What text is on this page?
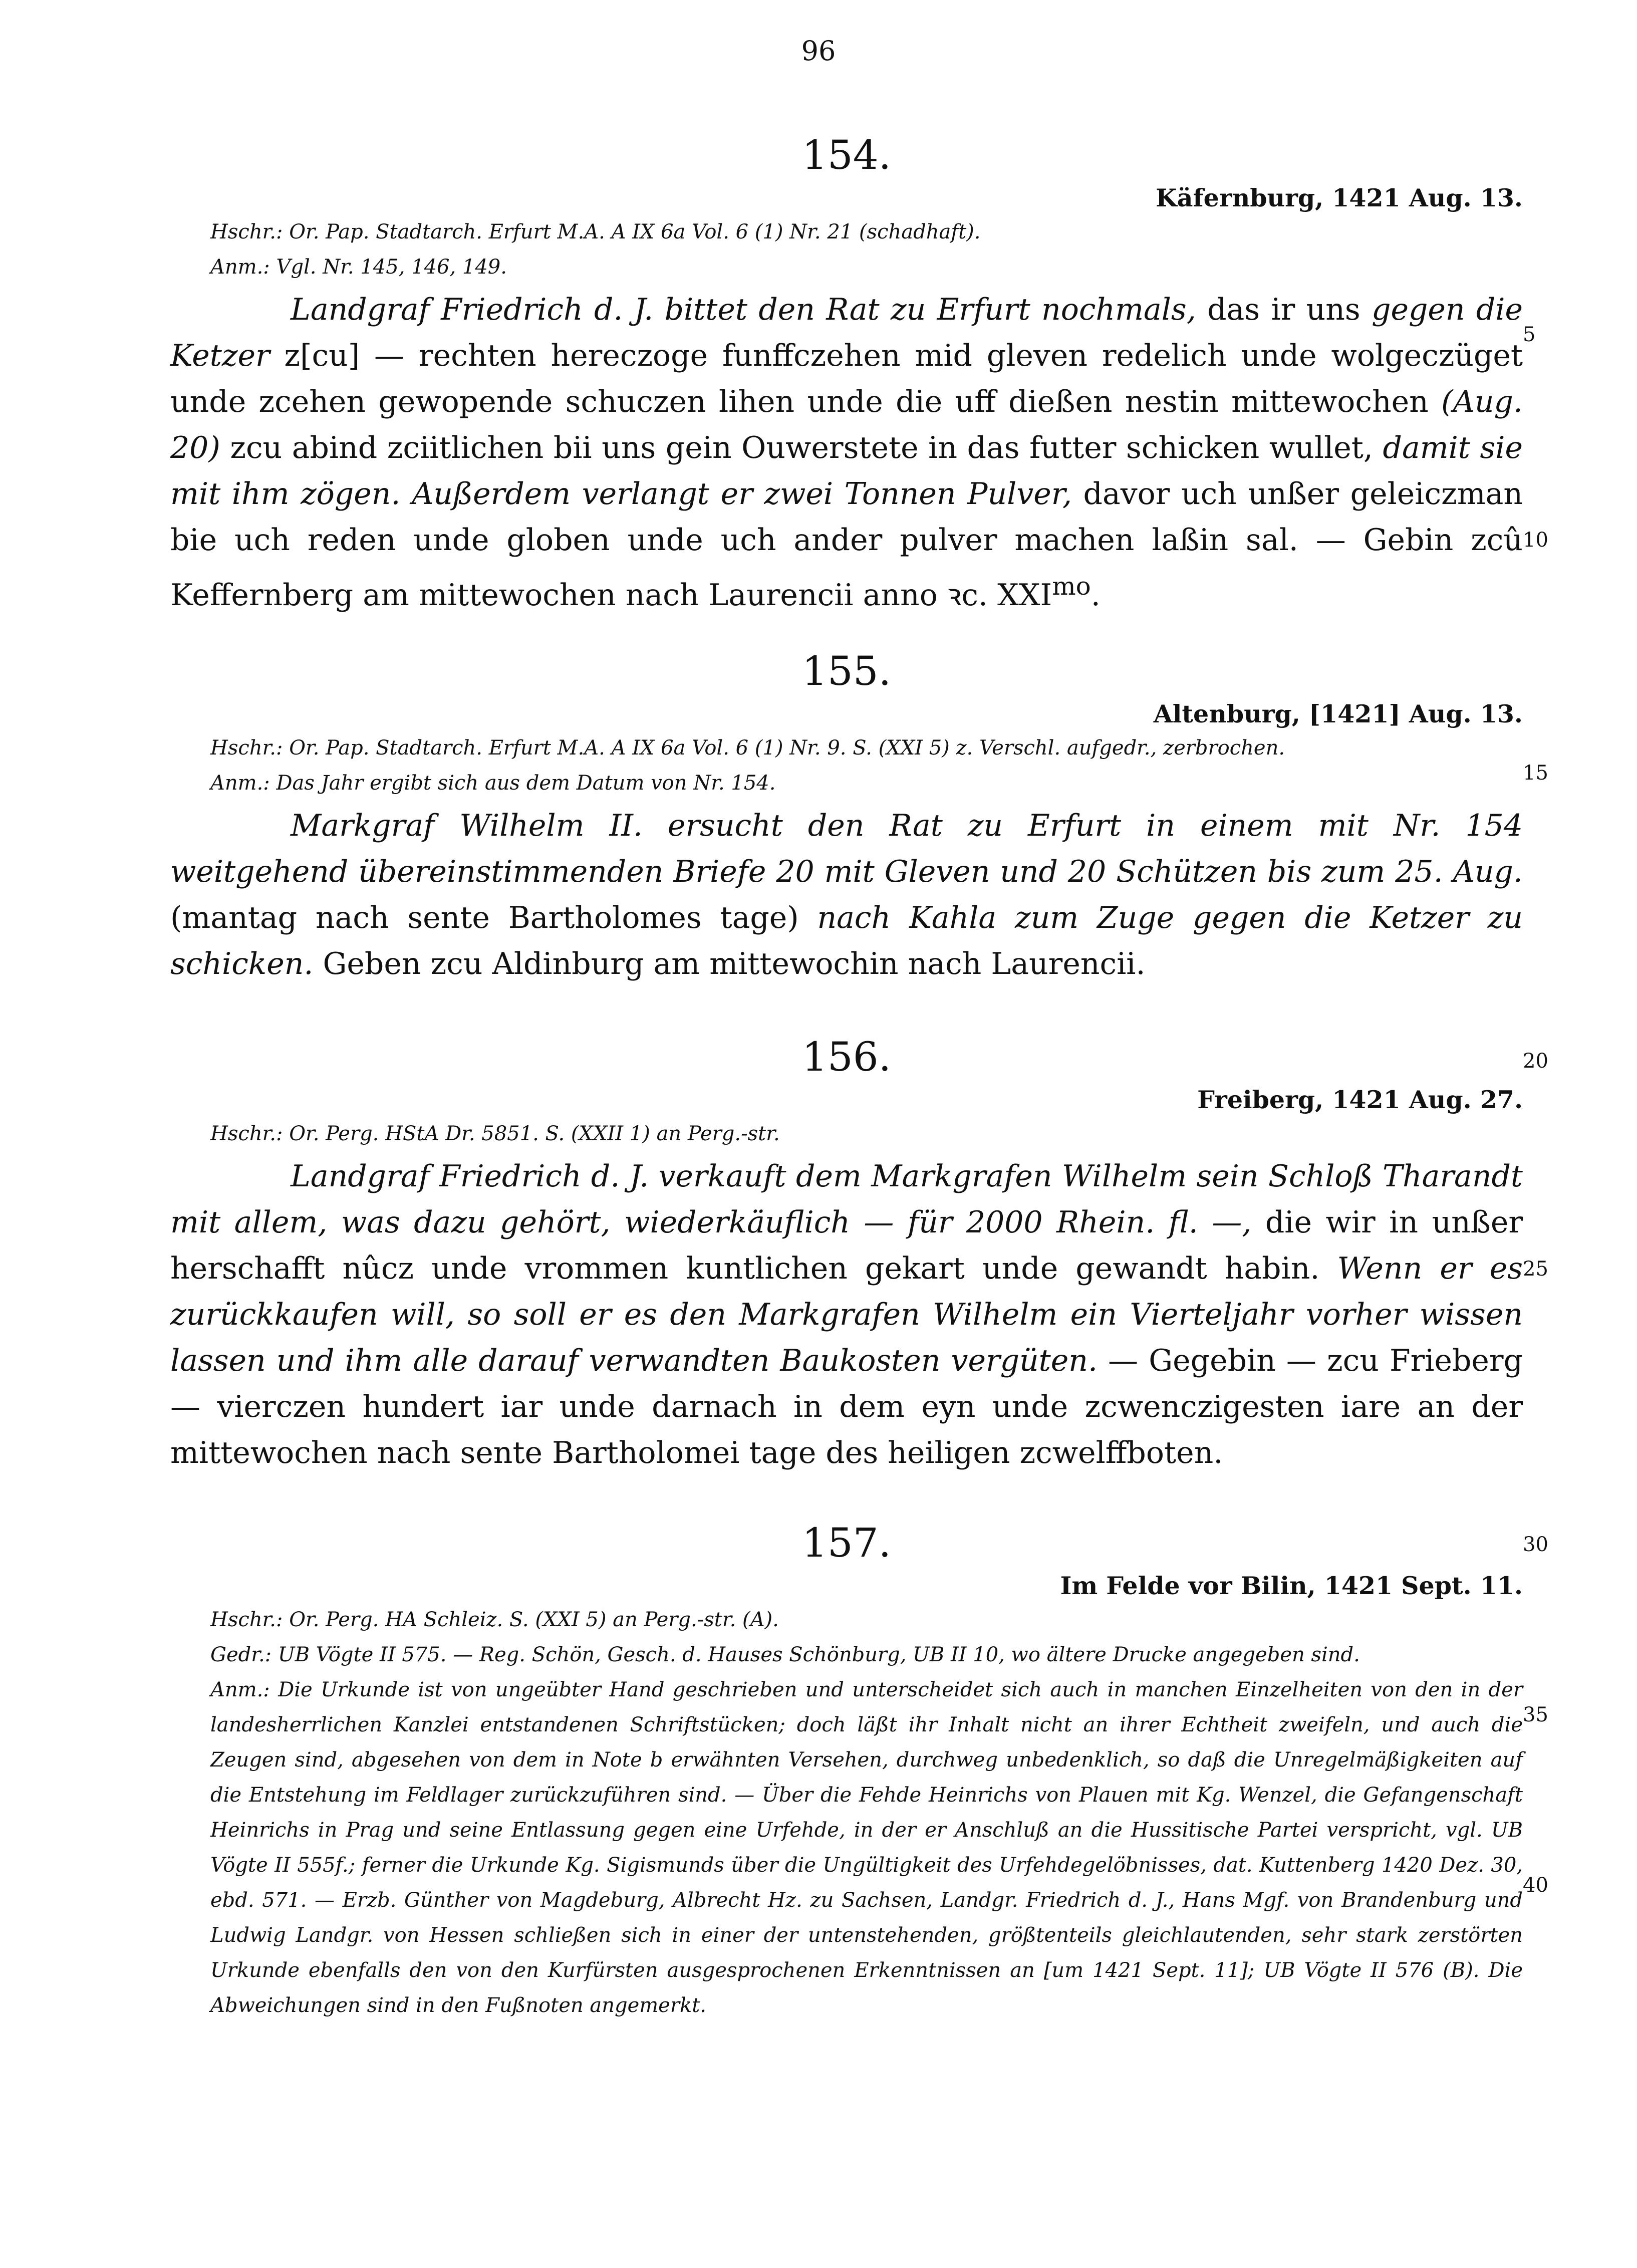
96
154.
Käfernburg, 1421 Aug. 13.
Hschr.: Or. Pap. Stadtarch. Erfurt M.A. A IX 6a Vol. 6 (1) Nr. 21 (schadhaft).
Anm.: Vgl. Nr. 145, 146, 149.
Landgraf Friedrich d. J. bittet den Rat zu Erfurt nochmals, das ir uns gegen die Ketzer z[cu] — rechten hereczoge funffczehen mid gleven redelich unde wolgeczüget unde zcehen gewopende schuczen lihen unde die uff dießen nestin mittewochen (Aug. 20) zcu abind zciitlichen bii uns gein Ouwerstete in das futter schicken wullet, damit sie mit ihm zögen. Außerdem verlangt er zwei Tonnen Pulver, davor uch unßer geleiczman bie uch reden unde globen unde uch ander pulver machen laßin sal. — Gebin zcû Keffernberg am mittewochen nach Laurencii anno ꝛc. $XXI^{mo}$.
155.
Altenburg, [1421] Aug. 13.
Hschr.: Or. Pap. Stadtarch. Erfurt M.A. A IX 6a Vol. 6 (1) Nr. 9. S. (XXI 5) z. Verschl. aufgedr., zerbrochen.
Anm.: Das Jahr ergibt sich aus dem Datum von Nr. 154.
Markgraf Wilhelm II. ersucht den Rat zu Erfurt in einem mit Nr. 154 weitgehend übereinstimmenden Briefe 20 mit Gleven und 20 Schützen bis zum 25. Aug. (mantag nach sente Bartholomes tage) nach Kahla zum Zuge gegen die Ketzer zu schicken. Geben zcu Aldinburg am mittewochin nach Laurencii.
156.
Freiberg, 1421 Aug. 27.
Hschr.: Or. Perg. HStA Dr. 5851. S. (XXII 1) an Perg.-str.
Landgraf Friedrich d. J. verkauft dem Markgrafen Wilhelm sein Schloß Tharandt mit allem, was dazu gehört, wiederkäuflich — für 2000 Rhein. fl. —, die wir in unßer herschafft nûcz unde vrommen kuntlichen gekart unde gewandt habin. Wenn er es zurückkaufen will, so soll er es den Markgrafen Wilhelm ein Vierteljahr vorher wissen lassen und ihm alle darauf verwandten Baukosten vergüten. — Gegebin — zcu Frieberg — vierczen hundert iar unde darnach in dem eyn unde zcwenczigesten iare an der mittewochen nach sente Bartholomei tage des heiligen zcwelffboten.
157.
Im Felde vor Bilin, 1421 Sept. 11.
Hschr.: Or. Perg. HA Schleiz. S. (XXI 5) an Perg.-str. (A).
Gedr.: UB Vögte II 575. — Reg. Schön, Gesch. d. Hauses Schönburg, UB II 10, wo ältere Drucke angegeben sind.
Anm.: Die Urkunde ist von ungeübter Hand geschrieben und unterscheidet sich auch in manchen Einzelheiten von den in der landesherrlichen Kanzlei entstandenen Schriftstücken; doch läßt ihr Inhalt nicht an ihrer Echtheit zweifeln, und auch die Zeugen sind, abgesehen von dem in Note b erwähnten Versehen, durchweg unbedenklich, so daß die Unregelmäßigkeiten auf die Entstehung im Feldlager zurückzuführen sind. — Über die Fehde Heinrichs von Plauen mit Kg. Wenzel, die Gefangenschaft Heinrichs in Prag und seine Entlassung gegen eine Urfehde, in der er Anschluß an die Hussitische Partei verspricht, vgl. UB Vögte II 555f.; ferner die Urkunde Kg. Sigismunds über die Ungültigkeit des Urfehdegelöbnisses, dat. Kuttenberg 1420 Dez. 30, ebd. 571. — Erzb. Günther von Magdeburg, Albrecht Hz. zu Sachsen, Landgr. Friedrich d. J., Hans Mgf. von Brandenburg und Ludwig Landgr. von Hessen schließen sich in einer der untenstehenden, größtenteils gleichlautenden, sehr stark zerstörten Urkunde ebenfalls den von den Kurfürsten ausgesprochenen Erkenntnissen an [um 1421 Sept. 11]; UB Vögte II 576 (B). Die Abweichungen sind in den Fußnoten angemerkt.
5
10
15
20
25
30
35
40
